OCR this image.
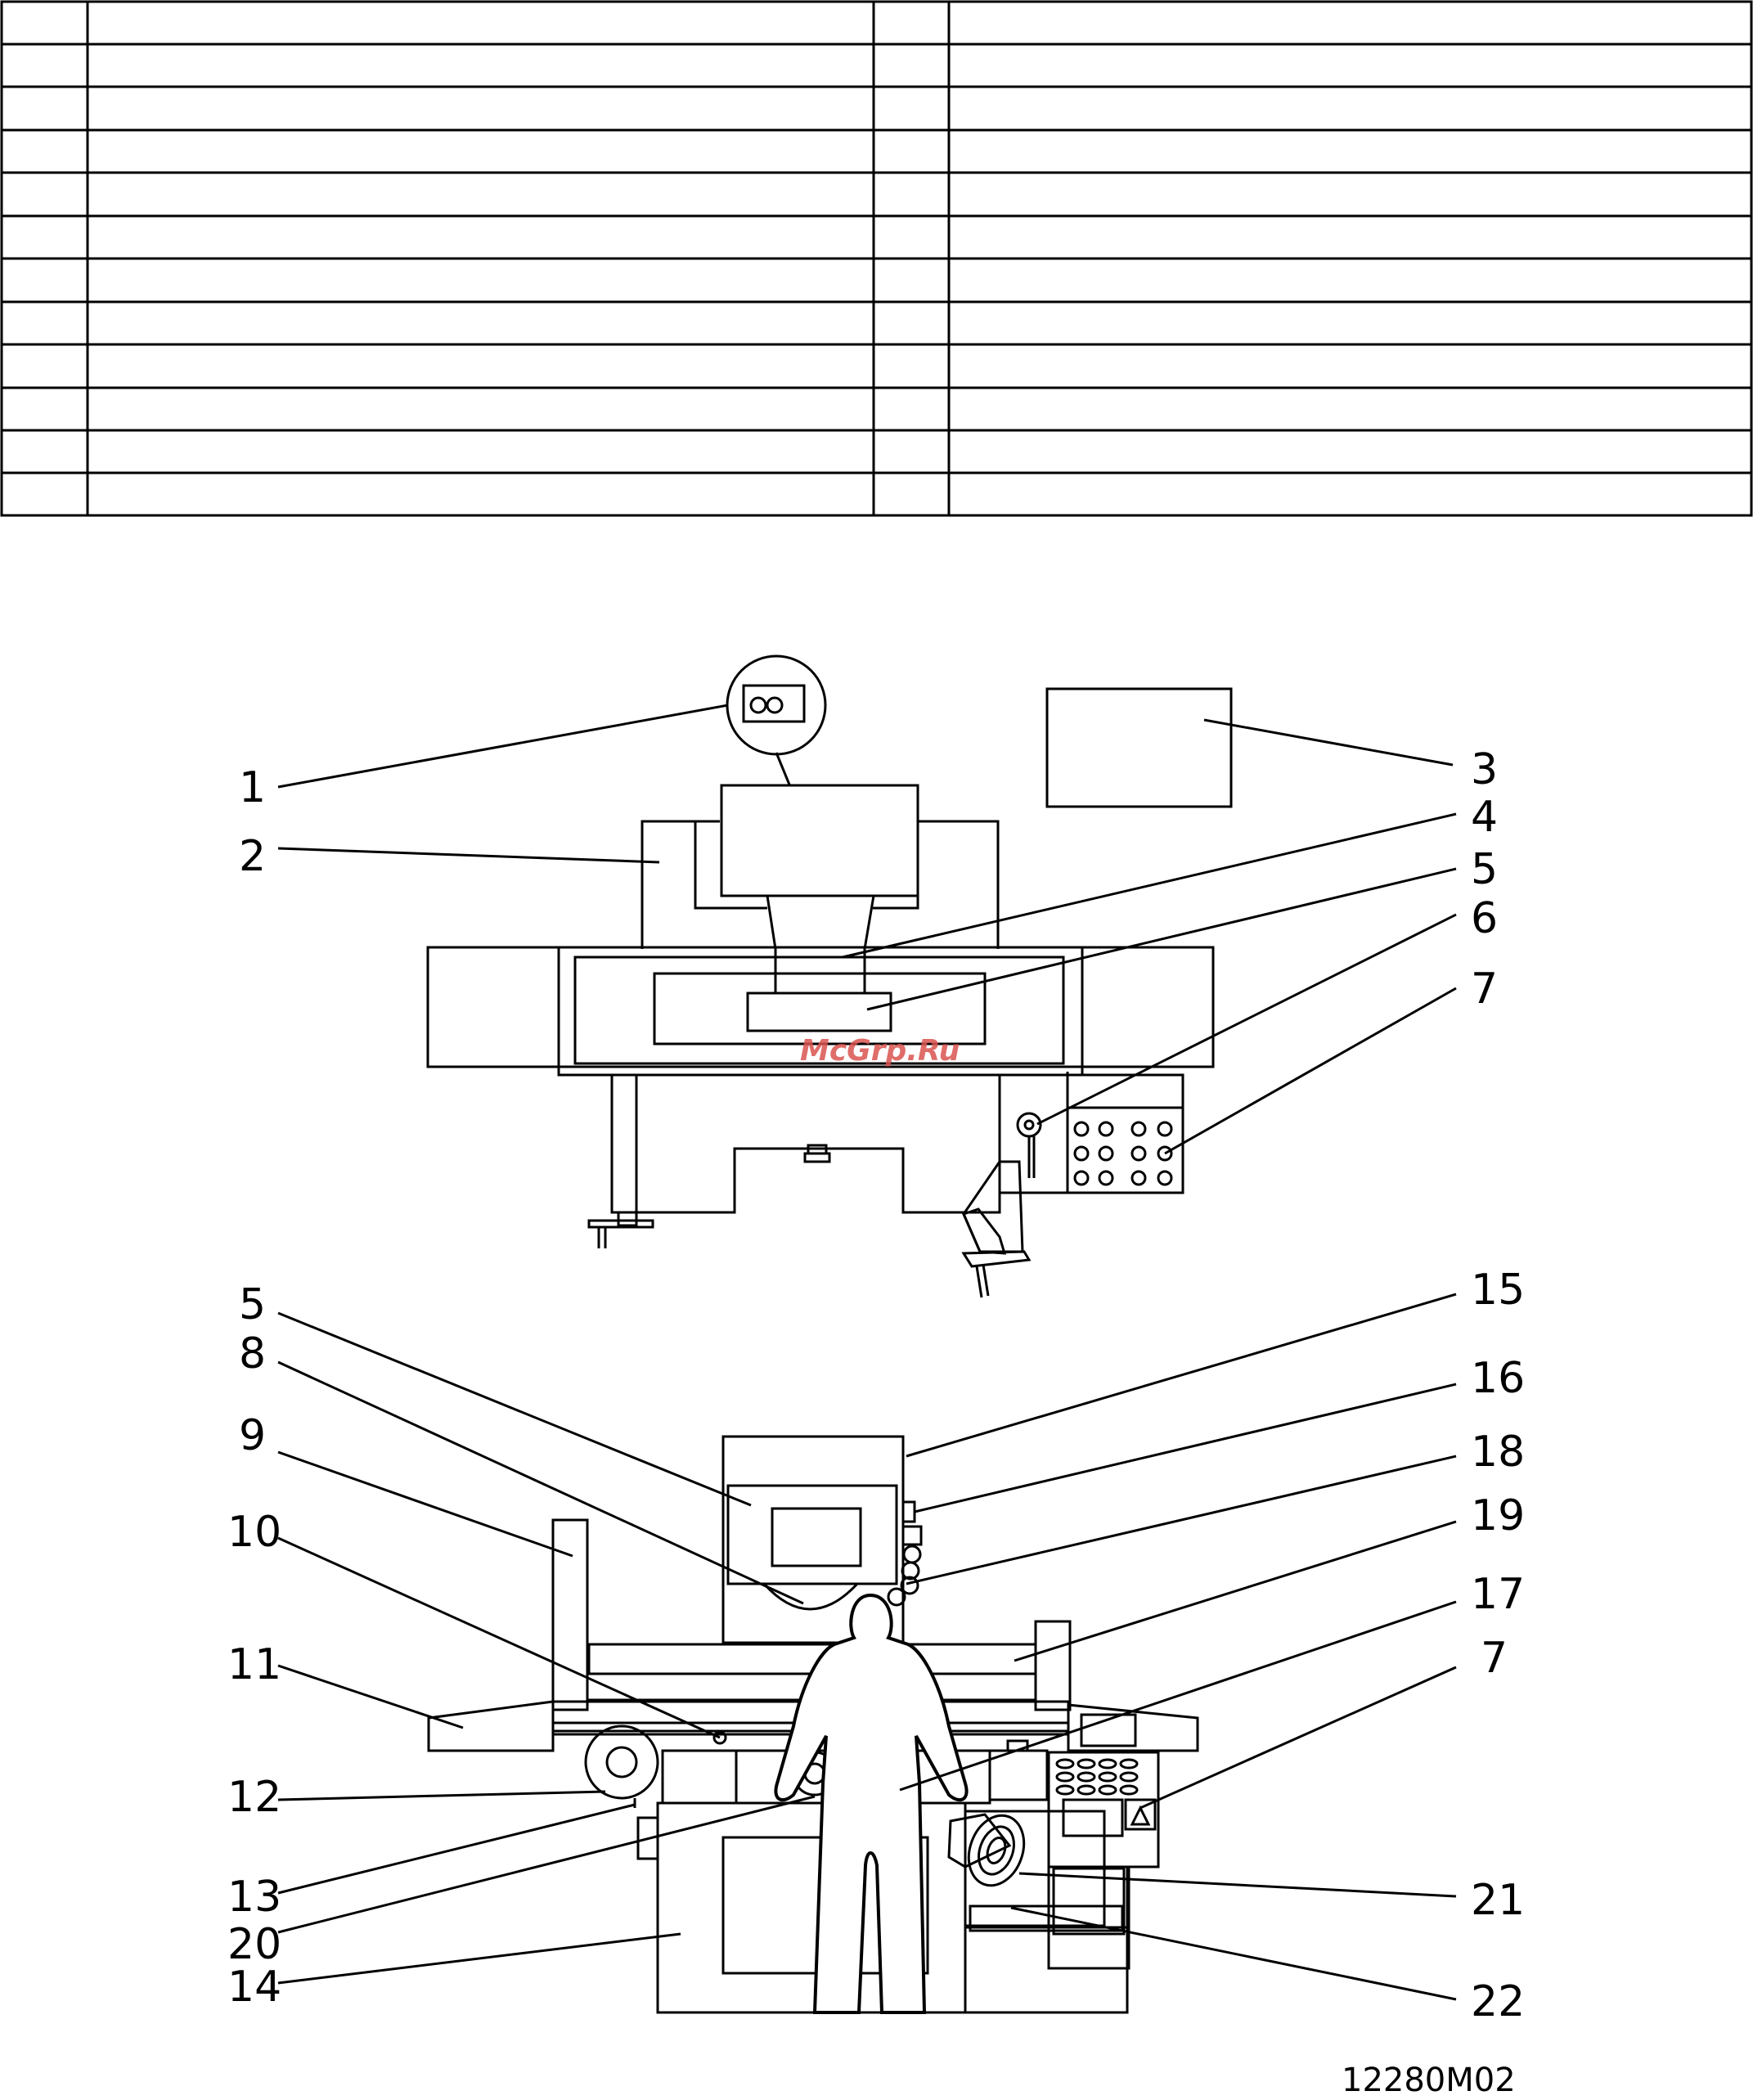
1
2
3
4
5
6
7
5
8
9
10
11
12
13
20
14
15
16
18
19
17
7
21
22
McGrp.Ru
12280M02
